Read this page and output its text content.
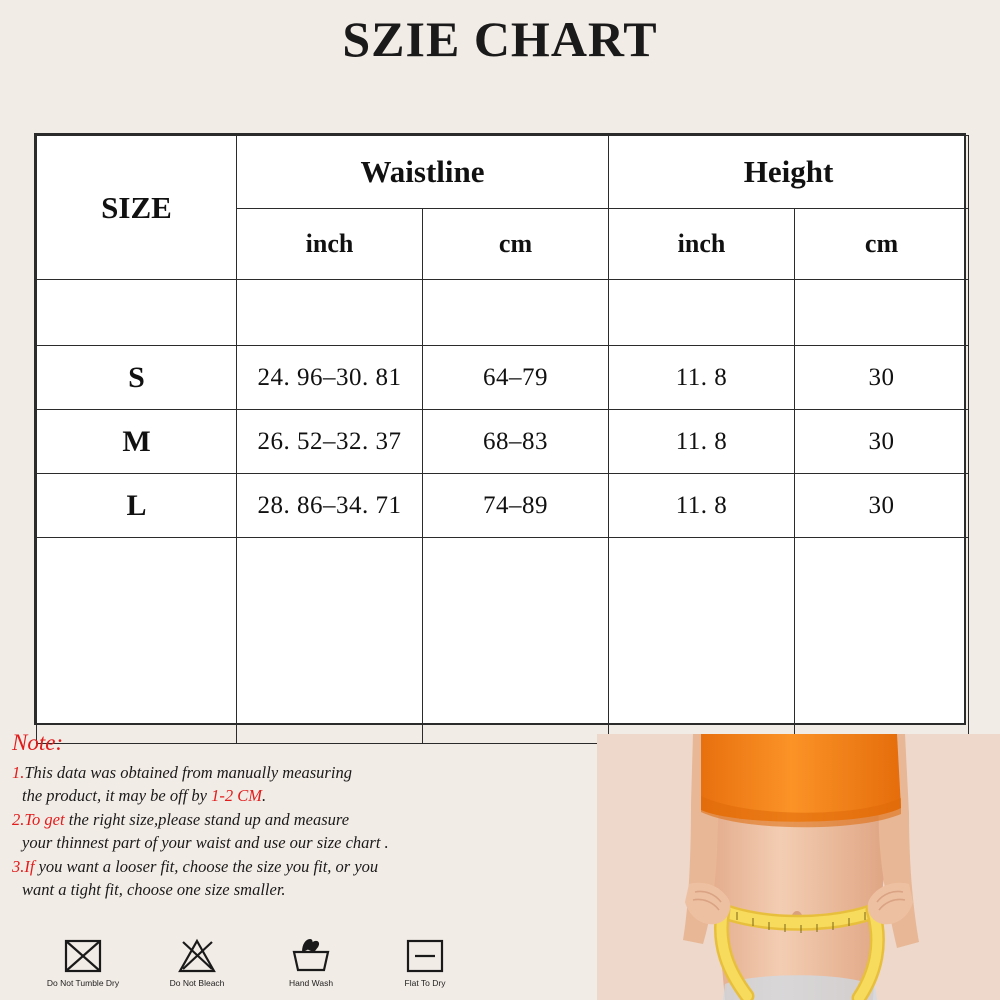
SZIE CHART
SIZE	Waistline		Height	
	inch	cm	inch	cm

S	24. 96–30. 81	64–79	11. 8	30
M	26. 52–32. 37	68–83	11. 8	30
L	28. 86–34. 71	74–89	11. 8	30

Note:

1.This data was obtained from manually measuring

the product, it may be off by 1-2 CM.

2.To get the right size,please stand up and measure

your thinnest part of your waist and use our size chart .

3.If you want a looser fit, choose the size you fit, or you

want a tight fit, choose one size smaller.

Do Not Tumble Dry	Do Not Bleach	Hand Wash	Flat To Dry
